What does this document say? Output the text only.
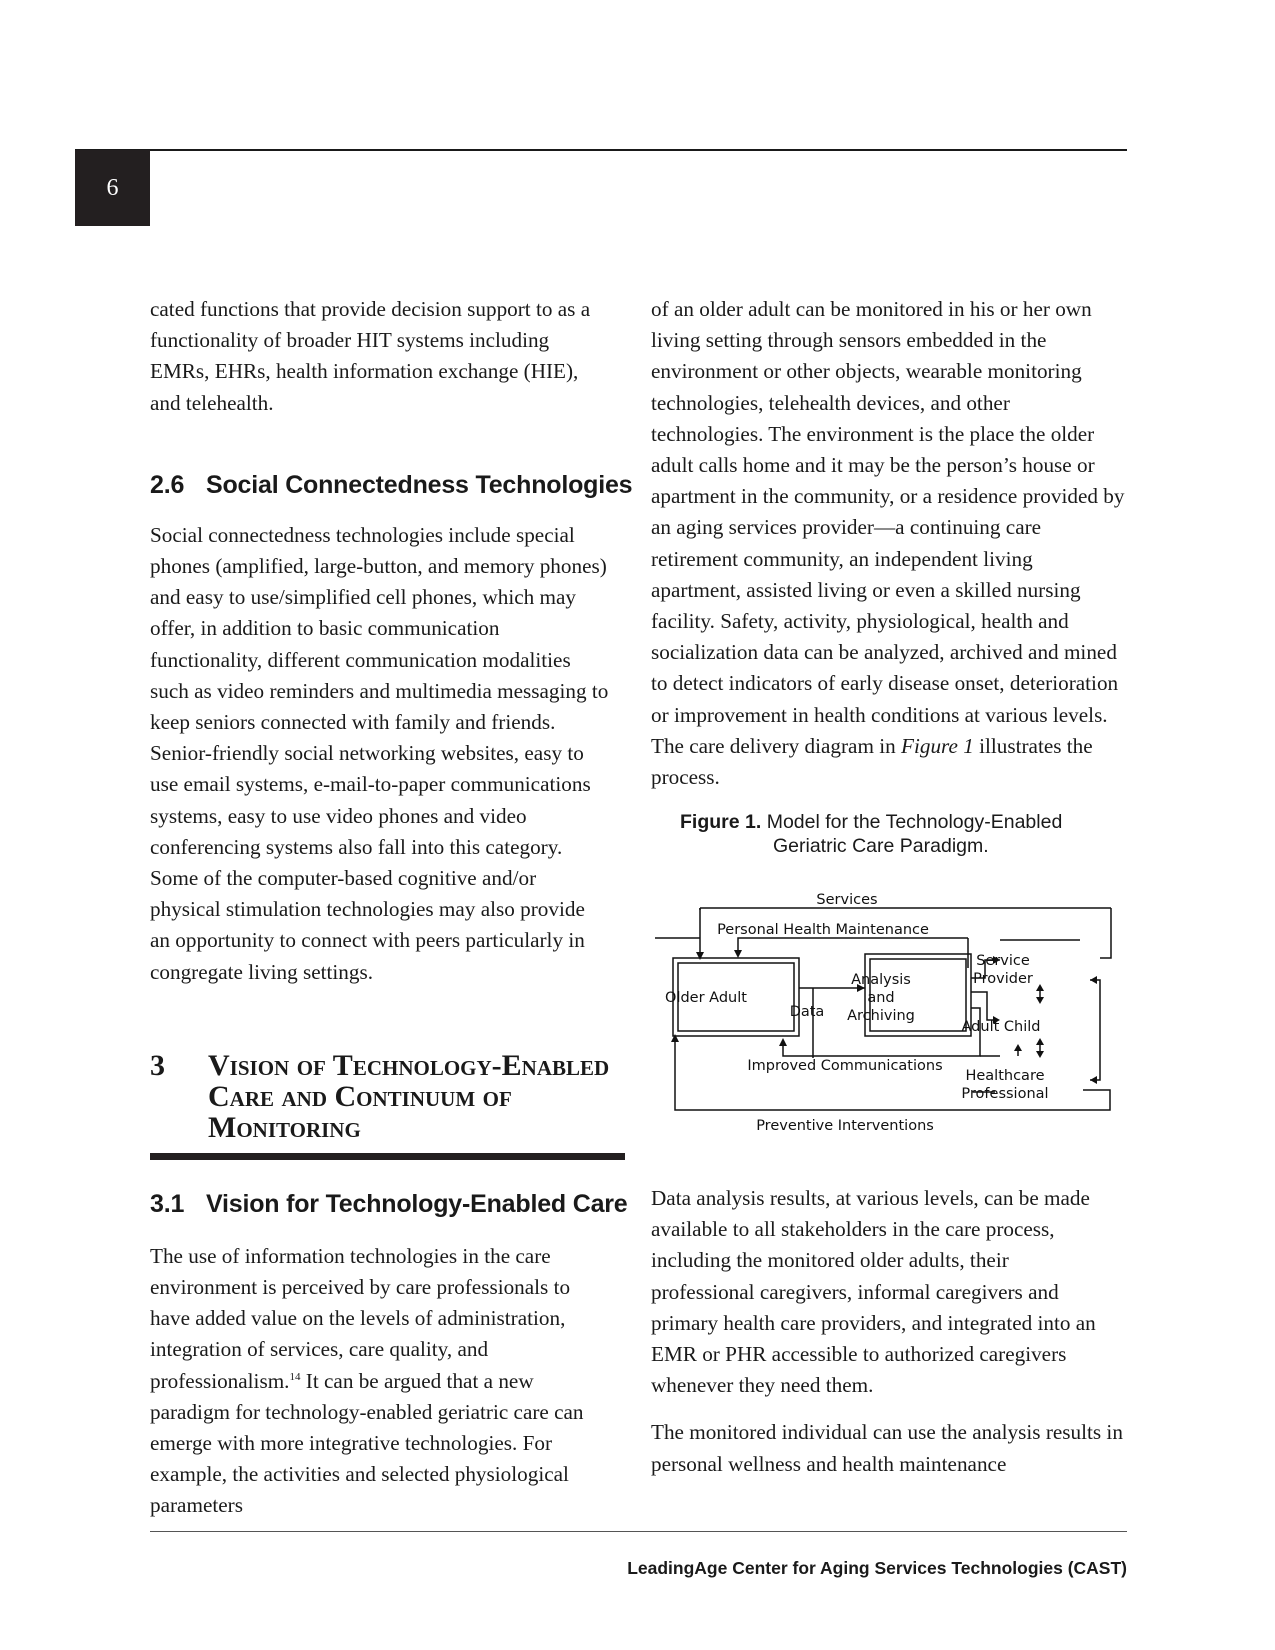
6

cated functions that provide decision support to as a functionality of broader HIT systems including EMRs, EHRs, health information exchange (HIE), and telehealth.

2.6 Social Connectedness Technologies

Social connectedness technologies include special phones (amplified, large-button, and memory phones) and easy to use/simplified cell phones, which may offer, in addition to basic communication functionality, different communication modalities such as video reminders and multimedia messaging to keep seniors connected with family and friends. Senior-friendly social networking websites, easy to use email systems, e-mail-to-paper communications systems, easy to use video phones and video conferencing systems also fall into this category. Some of the computer-based cognitive and/or physical stimulation technologies may also provide an opportunity to connect with peers particularly in congregate living settings.

3	Vision of Technology-Enabled Care and Continuum of Monitoring
3.1 Vision for Technology-Enabled Care

The use of information technologies in the care environment is perceived by care professionals to have added value on the levels of administration, integration of services, care quality, and professionalism.$^{14}$ It can be argued that a new paradigm for technology-enabled geriatric care can emerge with more integrative technologies. For example, the activities and selected physiological parameters

of an older adult can be monitored in his or her own living setting through sensors embedded in the environment or other objects, wearable monitoring technologies, telehealth devices, and other technologies. The environment is the place the older adult calls home and it may be the person’s house or apartment in the community, or a residence provided by an aging services provider—a continuing care retirement community, an independent living apartment, assisted living or even a skilled nursing facility. Safety, activity, physiological, health and socialization data can be analyzed, archived and mined to detect indicators of early disease onset, deterioration or improvement in health conditions at various levels. The care delivery diagram in Figure 1 illustrates the process.

Figure 1. Model for the Technology-Enabled
Geriatric Care Paradigm.
Services
Personal Health Maintenance
Older Adult
Data
Analysis
and
Archiving
Service
Provider
Adult Child
Healthcare
Professional
Improved Communications
Preventive Interventions

Data analysis results, at various levels, can be made available to all stakeholders in the care process, including the monitored older adults, their professional caregivers, informal caregivers and primary health care providers, and integrated into an EMR or PHR accessible to authorized caregivers whenever they need them.

The monitored individual can use the analysis results in personal wellness and health maintenance

LeadingAge Center for Aging Services Technologies (CAST)
